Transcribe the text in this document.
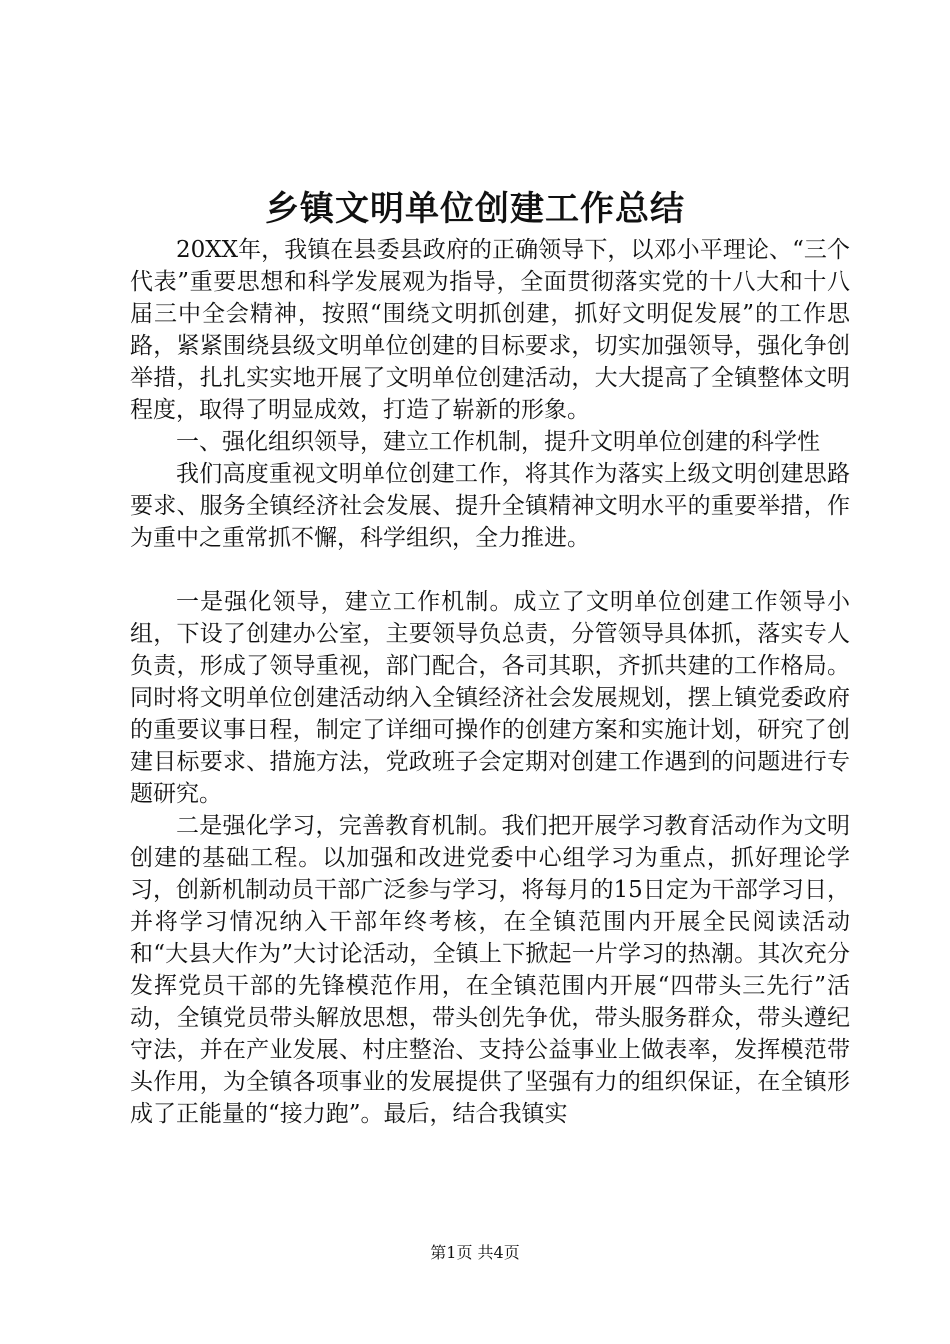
乡镇文明单位创建工作总结

20XX年，我镇在县委县政府的正确领导下，以邓小平理论、“三个代表”重要思想和科学发展观为指导，全面贯彻落实党的十八大和十八届三中全会精神，按照“围绕文明抓创建，抓好文明促发展”的工作思路，紧紧围绕县级文明单位创建的目标要求，切实加强领导，强化争创举措，扎扎实实地开展了文明单位创建活动，大大提高了全镇整体文明程度，取得了明显成效，打造了崭新的形象。

一、强化组织领导，建立工作机制，提升文明单位创建的科学性

我们高度重视文明单位创建工作，将其作为落实上级文明创建思路要求、服务全镇经济社会发展、提升全镇精神文明水平的重要举措，作为重中之重常抓不懈，科学组织，全力推进。

一是强化领导，建立工作机制。成立了文明单位创建工作领导小组，下设了创建办公室，主要领导负总责，分管领导具体抓，落实专人负责，形成了领导重视，部门配合，各司其职，齐抓共建的工作格局。同时将文明单位创建活动纳入全镇经济社会发展规划，摆上镇党委政府的重要议事日程，制定了详细可操作的创建方案和实施计划，研究了创建目标要求、措施方法，党政班子会定期对创建工作遇到的问题进行专题研究。

二是强化学习，完善教育机制。我们把开展学习教育活动作为文明创建的基础工程。以加强和改进党委中心组学习为重点，抓好理论学习，创新机制动员干部广泛参与学习，将每月的15日定为干部学习日，并将学习情况纳入干部年终考核，在全镇范围内开展全民阅读活动和“大县大作为”大讨论活动，全镇上下掀起一片学习的热潮。其次充分发挥党员干部的先锋模范作用，在全镇范围内开展“四带头三先行”活动，全镇党员带头解放思想，带头创先争优，带头服务群众，带头遵纪守法，并在产业发展、村庄整治、支持公益事业上做表率，发挥模范带头作用，为全镇各项事业的发展提供了坚强有力的组织保证，在全镇形成了正能量的“接力跑”。最后，结合我镇实

第1页 共4页
